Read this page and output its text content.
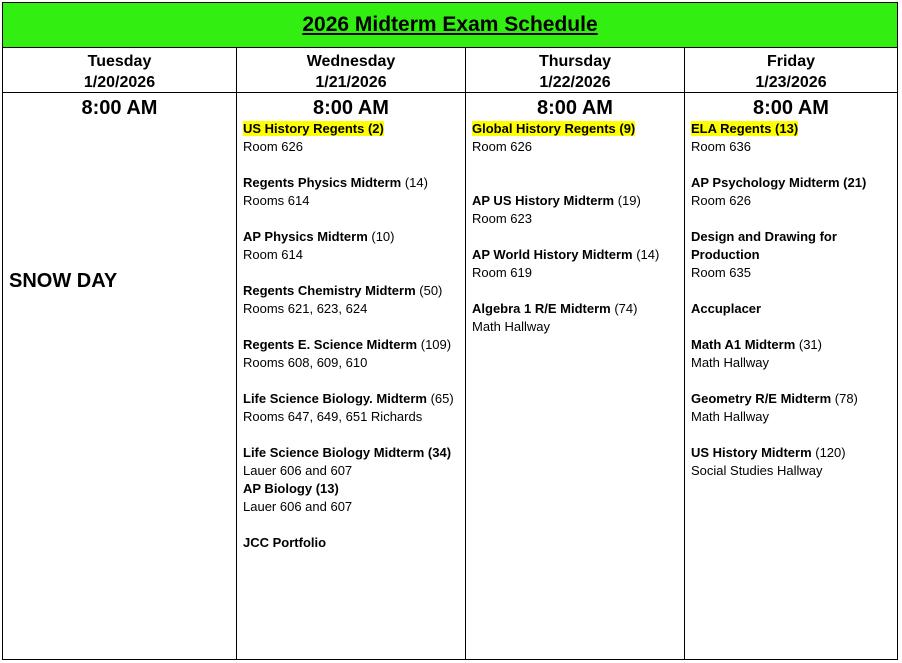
2026 Midterm Exam Schedule
Tuesday
1/20/2026
8:00 AM
SNOW DAY
Wednesday
1/21/2026
8:00 AM
US History Regents (2)
Room 626
Regents Physics Midterm (14)
Rooms 614
AP Physics Midterm (10)
Room 614
Regents Chemistry Midterm (50)
Rooms 621, 623, 624
Regents E. Science Midterm (109)
Rooms 608, 609, 610
Life Science Biology. Midterm (65)
Rooms 647, 649, 651 Richards
Life Science Biology Midterm (34)
Lauer 606 and 607
AP Biology (13)
Lauer 606 and 607
JCC Portfolio
Thursday
1/22/2026
8:00 AM
Global History Regents (9)
Room 626
AP US History Midterm (19)
Room 623
AP World History Midterm (14)
Room 619
Algebra 1 R/E Midterm (74)
Math Hallway
Friday
1/23/2026
8:00 AM
ELA Regents (13)
Room 636
AP Psychology Midterm (21)
Room 626
Design and Drawing for Production
Room 635
Accuplacer
Math A1 Midterm (31)
Math Hallway
Geometry R/E Midterm (78)
Math Hallway
US History Midterm (120)
Social Studies Hallway
